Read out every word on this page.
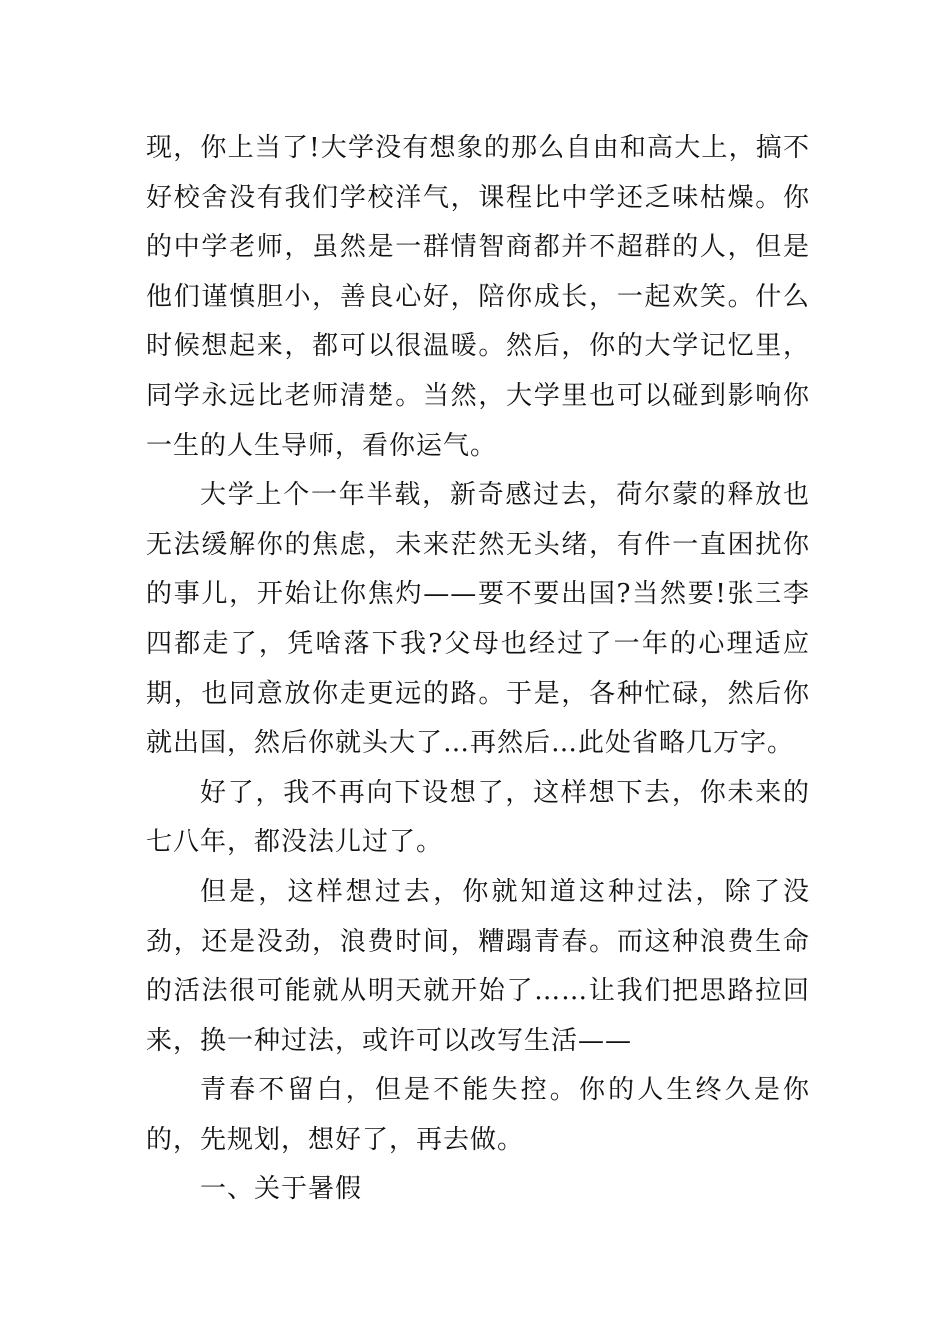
现，你上当了!大学没有想象的那么自由和高大上，搞不好校舍没有我们学校洋气，课程比中学还乏味枯燥。你的中学老师，虽然是一群情智商都并不超群的人，但是他们谨慎胆小，善良心好，陪你成长，一起欢笑。什么时候想起来，都可以很温暖。然后，你的大学记忆里，同学永远比老师清楚。当然，大学里也可以碰到影响你一生的人生导师，看你运气。

大学上个一年半载，新奇感过去，荷尔蒙的释放也无法缓解你的焦虑，未来茫然无头绪，有件一直困扰你的事儿，开始让你焦灼——要不要出国?当然要!张三李四都走了，凭啥落下我?父母也经过了一年的心理适应期，也同意放你走更远的路。于是，各种忙碌，然后你就出国，然后你就头大了…再然后…此处省略几万字。

好了，我不再向下设想了，这样想下去，你未来的七八年，都没法儿过了。

但是，这样想过去，你就知道这种过法，除了没劲，还是没劲，浪费时间，糟蹋青春。而这种浪费生命的活法很可能就从明天就开始了……让我们把思路拉回来，换一种过法，或许可以改写生活——

青春不留白，但是不能失控。你的人生终久是你的，先规划，想好了，再去做。

一、关于暑假
